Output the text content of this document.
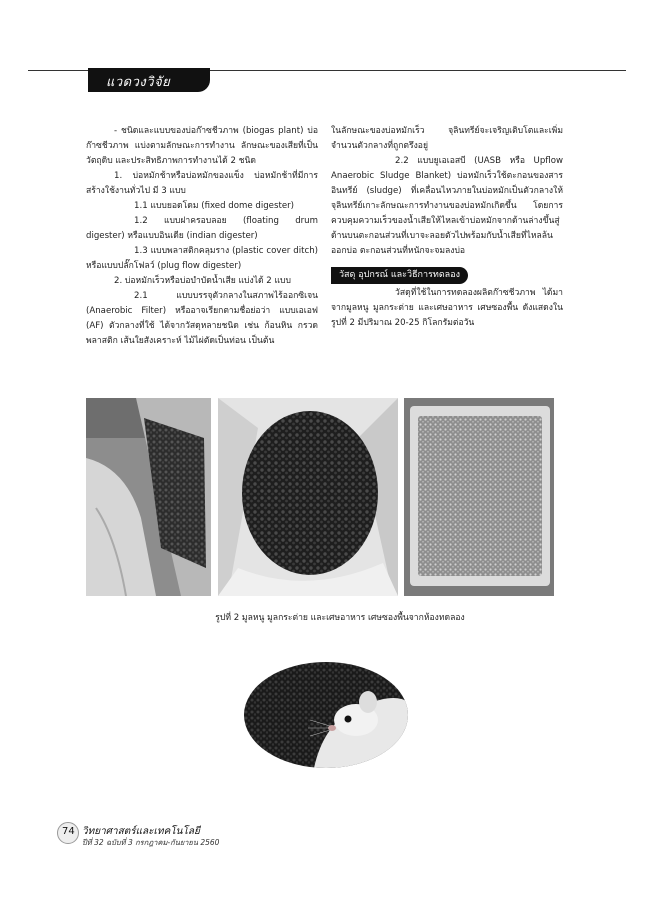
แวดวงวิจัย

- ชนิดและแบบของบ่อก๊าซชีวภาพ (biogas plant) บ่อก๊าซชีวภาพ แบ่งตามลักษณะการทำงาน ลักษณะของเสียที่เป็นวัตถุดิบ และประสิทธิภาพการทำงานได้ 2 ชนิด

1. บ่อหมักช้าหรือบ่อหมักของแข็ง บ่อหมักช้าที่มีการสร้างใช้งานทั่วไป มี 3 แบบ

1.1 แบบยอดโดม (fixed dome digester)

1.2 แบบฝาครอบลอย (floating drum digester) หรือแบบอินเดีย (indian digester)

1.3 แบบพลาสติกคลุมราง (plastic cover ditch) หรือแบบปลั๊กโฟลว์ (plug flow digester)

2. บ่อหมักเร็วหรือบ่อบำบัดน้ำเสีย แบ่งได้ 2 แบบ

2.1 แบบบรรจุตัวกลางในสภาพไร้ออกซิเจน (Anaerobic Filter) หรืออาจเรียกตามชื่อย่อว่า แบบเอเอฟ (AF) ตัวกลางที่ใช้ ได้จากวัสดุหลายชนิด เช่น ก้อนหิน กรวด พลาสติก เส้นใยสังเคราะห์ ไม้ไผ่ตัดเป็นท่อน เป็นต้น

ในลักษณะของบ่อหมักเร็ว จุลินทรีย์จะเจริญเติบโตและเพิ่มจำนวนตัวกลางที่ถูกตรึงอยู่

2.2 แบบยูเอเอสบี (UASB หรือ Upflow Anaerobic Sludge Blanket) บ่อหมักเร็วใช้ตะกอนของสารอินทรีย์ (sludge) ที่เคลื่อนไหวภายในบ่อหมักเป็นตัวกลางให้จุลินทรีย์เกาะลักษณะการทำงานของบ่อหมักเกิดขึ้น โดยการควบคุมความเร็วของน้ำเสียให้ไหลเข้าบ่อหมักจากด้านล่างขึ้นสู่ด้านบนตะกอนส่วนที่เบาจะลอยตัวไปพร้อมกับน้ำเสียที่ไหลล้นออกบ่อ ตะกอนส่วนที่หนักจะจมลงบ่อ

วัสดุ อุปกรณ์ และวิธีการทดลอง

วัสดุที่ใช้ในการทดลองผลิตก๊าซชีวภาพ ได้มาจากมูลหนู มูลกระต่าย และเศษอาหาร เศษซองพื้น ดังแสดงในรูปที่ 2 มีปริมาณ 20-25 กิโลกรัมต่อวัน

รูปที่ 2 มูลหนู มูลกระต่าย และเศษอาหาร เศษซองพื้นจากห้องทดลอง
74 วิทยาศาสตร์และเทคโนโลยี
ปีที่ 32 ฉบับที่ 3 กรกฎาคม-กันยายน 2560
